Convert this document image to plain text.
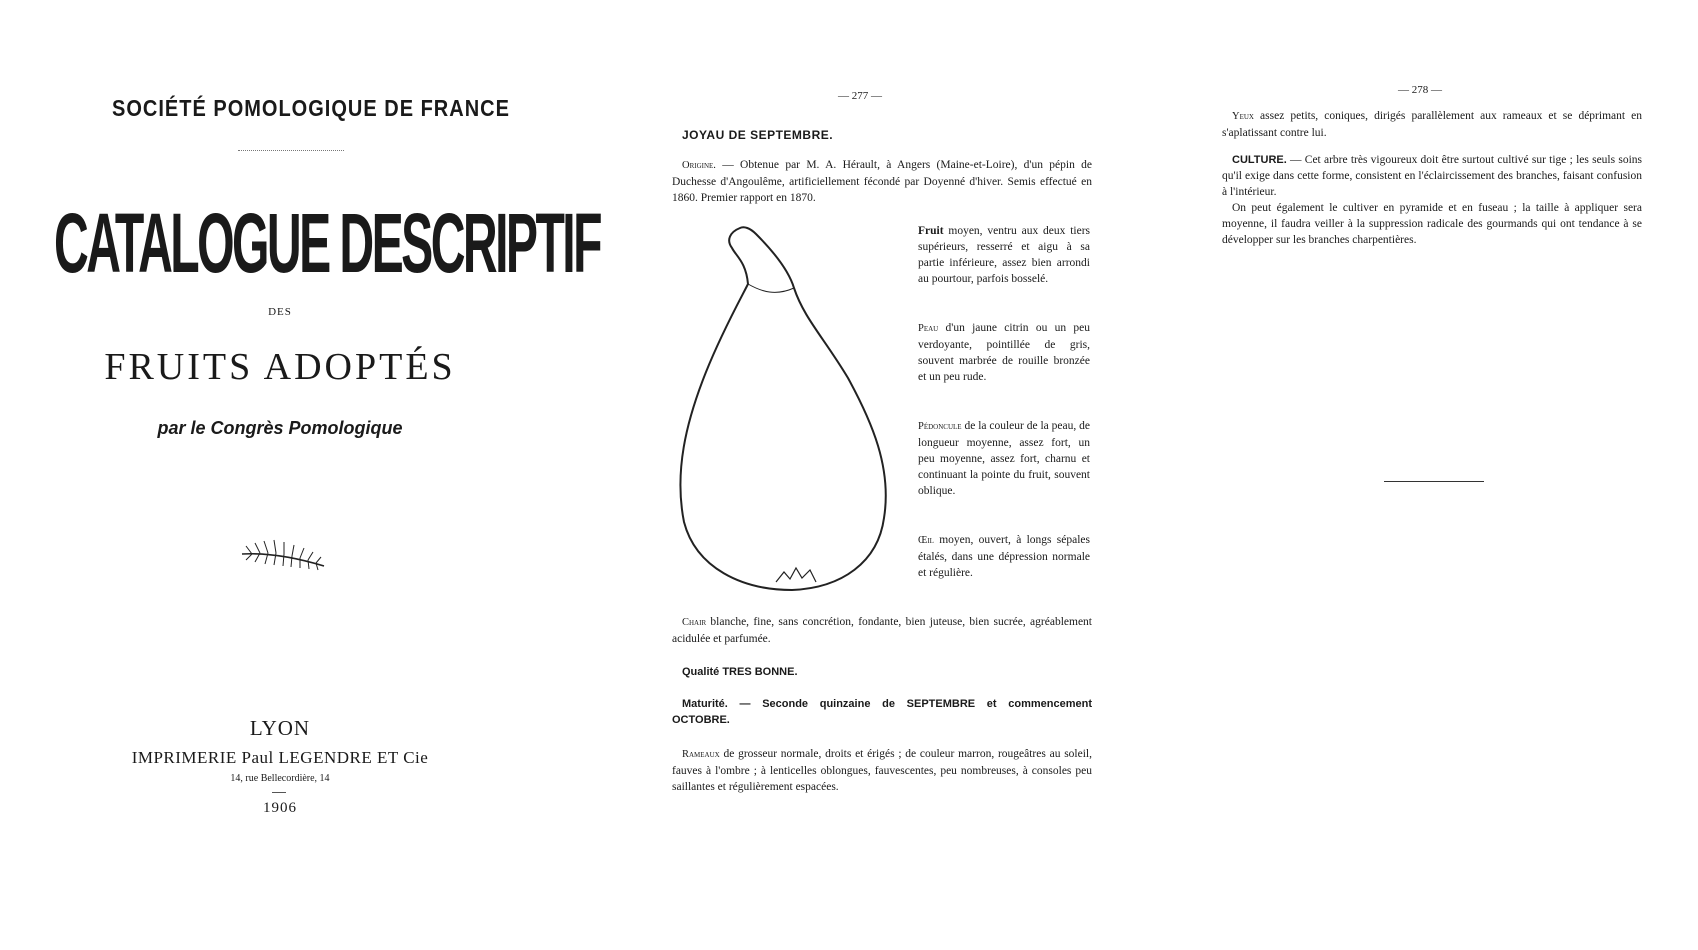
SOCIÉTÉ POMOLOGIQUE DE FRANCE
CATALOGUE DESCRIPTIF
DES
FRUITS ADOPTÉS
par le Congrès Pomologique
LYON
IMPRIMERIE Paul LEGENDRE ET Cie
14, rue Bellecordière, 14
1906
— 277 —
JOYAU DE SEPTEMBRE.
Origine. — Obtenue par M. A. Hérault, à Angers (Maine-et-Loire), d'un pépin de Duchesse d'Angoulême, artificiellement fécondé par Doyenné d'hiver. Semis effectué en 1860. Premier rapport en 1870.
Fruit moyen, ventru aux deux tiers supérieurs, resserré et aigu à sa partie inférieure, assez bien arrondi au pourtour, parfois bosselé.
Peau d'un jaune citrin ou un peu verdoyante, pointillée de gris, souvent marbrée de rouille bronzée et un peu rude.
Pédoncule de la couleur de la peau, de longueur moyenne, assez fort, un peu moyenne, assez fort, charnu et continuant la pointe du fruit, souvent oblique.
Œil moyen, ouvert, à longs sépales étalés, dans une dépression normale et régulière.
Chair blanche, fine, sans concrétion, fondante, bien juteuse, bien sucrée, agréablement acidulée et parfumée.
Qualité TRES BONNE.
Maturité. — Seconde quinzaine de SEPTEMBRE et commencement OCTOBRE.
Rameaux de grosseur normale, droits et érigés ; de couleur marron, rougeâtres au soleil, fauves à l'ombre ; à lenticelles oblongues, fauvescentes, peu nombreuses, à consoles peu saillantes et régulièrement espacées.
— 278 —
Yeux assez petits, coniques, dirigés parallèlement aux rameaux et se déprimant en s'aplatissant contre lui.
CULTURE. — Cet arbre très vigoureux doit être surtout cultivé sur tige ; les seuls soins qu'il exige dans cette forme, consistent en l'éclaircissement des branches, faisant confusion à l'intérieur.
On peut également le cultiver en pyramide et en fuseau ; la taille à appliquer sera moyenne, il faudra veiller à la suppression radicale des gourmands qui ont tendance à se développer sur les branches charpentières.
